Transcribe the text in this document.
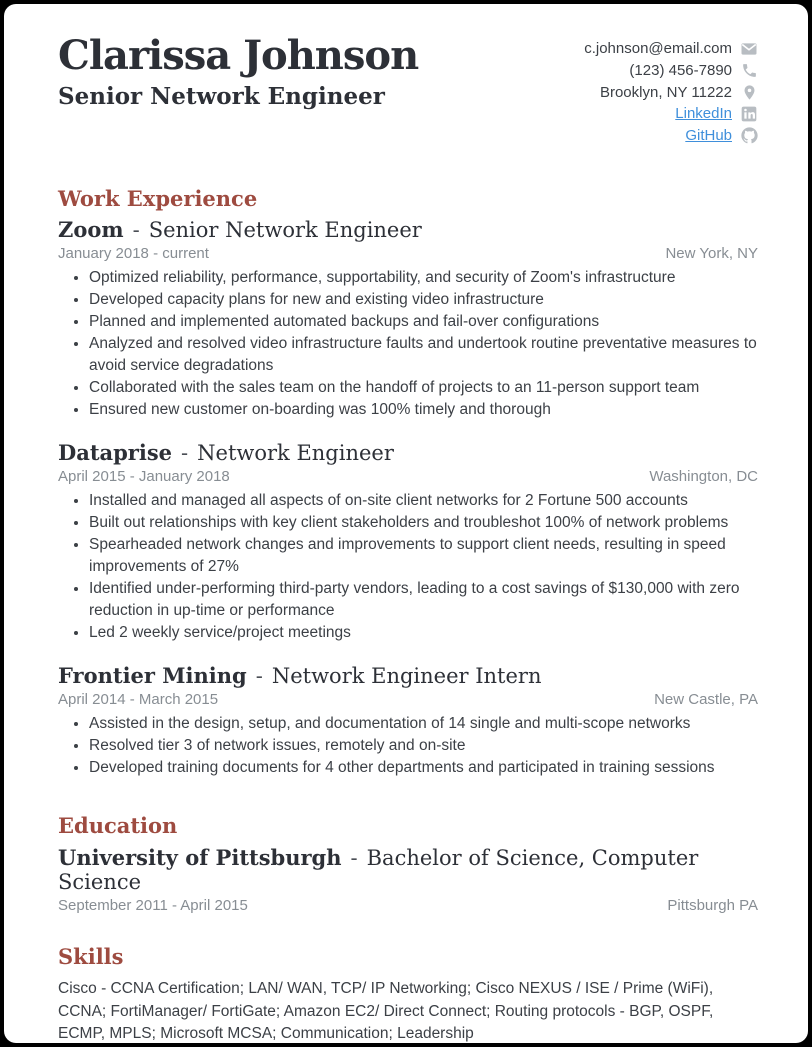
Clarissa Johnson
Senior Network Engineer
c.johnson@email.com
(123) 456-7890
Brooklyn, NY 11222
LinkedIn
GitHub
Work Experience
Zoom - Senior Network Engineer
January 2018 - current	New York, NY
• Optimized reliability, performance, supportability, and security of Zoom's infrastructure
• Developed capacity plans for new and existing video infrastructure
• Planned and implemented automated backups and fail-over configurations
• Analyzed and resolved video infrastructure faults and undertook routine preventative measures to avoid service degradations
• Collaborated with the sales team on the handoff of projects to an 11-person support team
• Ensured new customer on-boarding was 100% timely and thorough
Dataprise - Network Engineer
April 2015 - January 2018	Washington, DC
• Installed and managed all aspects of on-site client networks for 2 Fortune 500 accounts
• Built out relationships with key client stakeholders and troubleshot 100% of network problems
• Spearheaded network changes and improvements to support client needs, resulting in speed improvements of 27%
• Identified under-performing third-party vendors, leading to a cost savings of $130,000 with zero reduction in up-time or performance
• Led 2 weekly service/project meetings
Frontier Mining - Network Engineer Intern
April 2014 - March 2015	New Castle, PA
• Assisted in the design, setup, and documentation of 14 single and multi-scope networks
• Resolved tier 3 of network issues, remotely and on-site
• Developed training documents for 4 other departments and participated in training sessions
Education
University of Pittsburgh - Bachelor of Science, Computer Science
September 2011 - April 2015	Pittsburgh PA
Skills

Cisco - CCNA Certification; LAN/ WAN, TCP/ IP Networking; Cisco NEXUS / ISE / Prime (WiFi), CCNA; FortiManager/ FortiGate; Amazon EC2/ Direct Connect; Routing protocols - BGP, OSPF, ECMP, MPLS; Microsoft MCSA; Communication; Leadership
